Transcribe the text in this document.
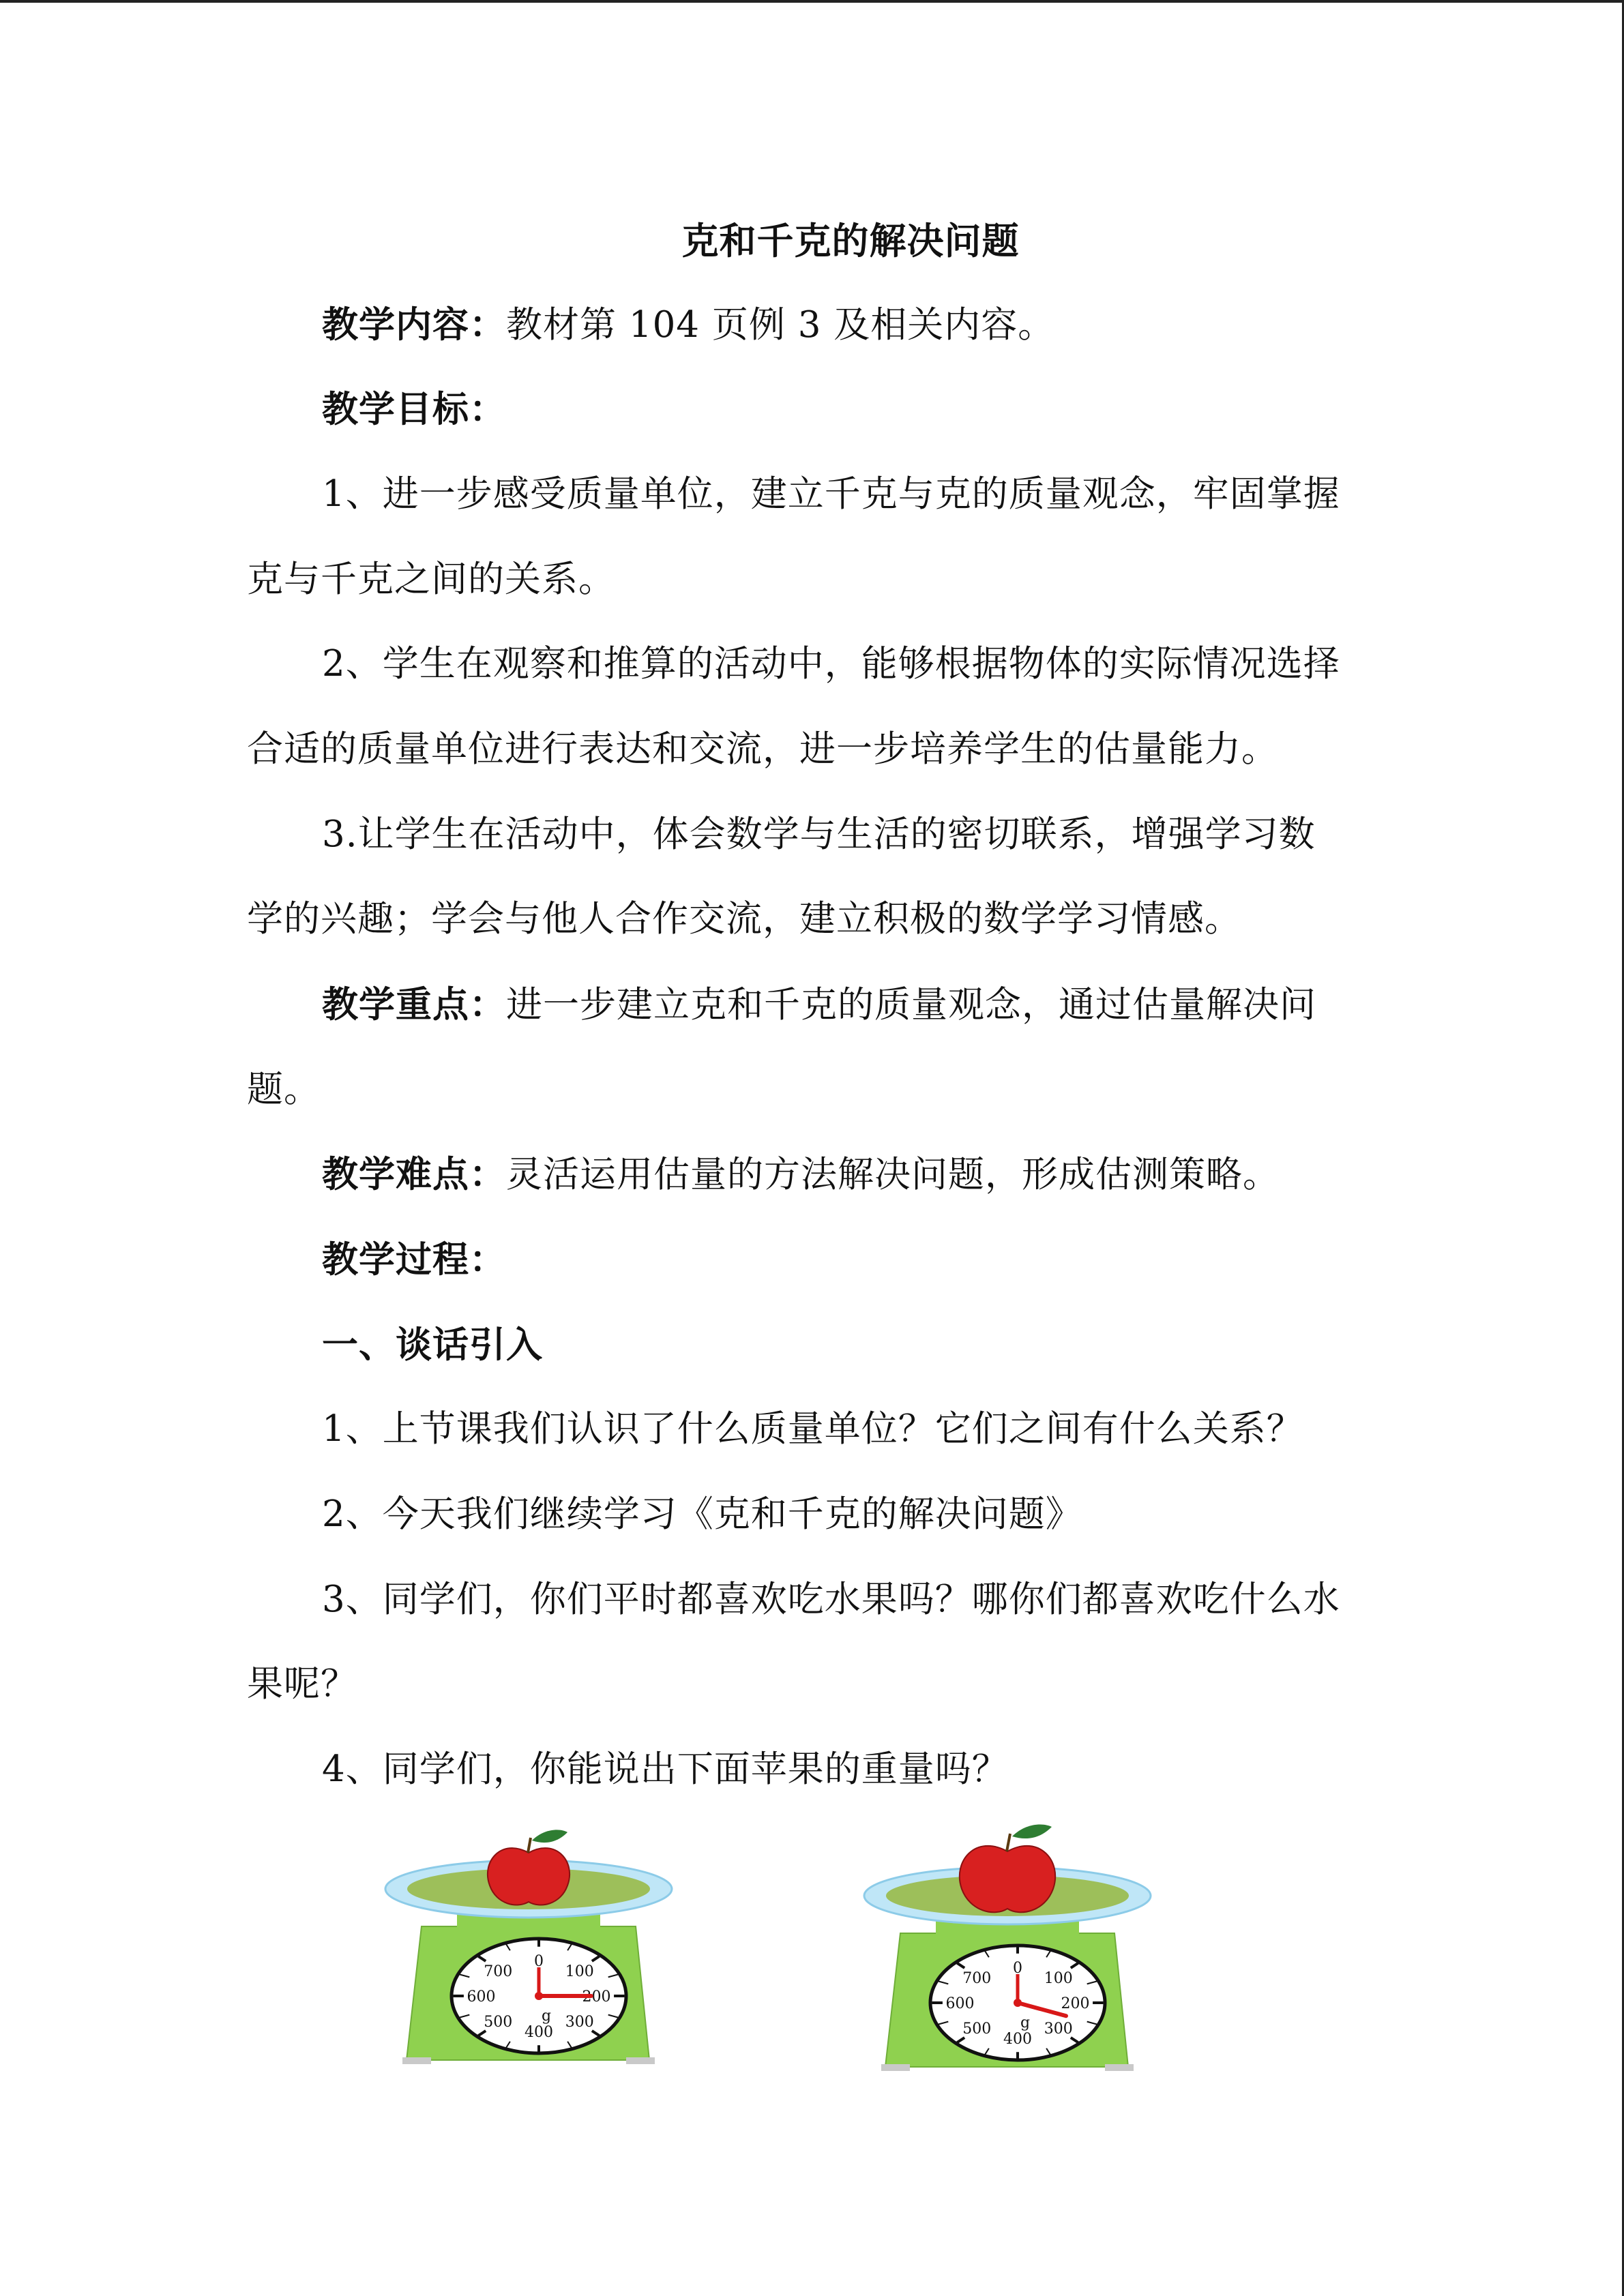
克和千克的解决问题
教学内容：教材第 104 页例 3 及相关内容。
教学目标：
1、进一步感受质量单位，建立千克与克的质量观念，牢固掌握
克与千克之间的关系。
2、学生在观察和推算的活动中，能够根据物体的实际情况选择
合适的质量单位进行表达和交流，进一步培养学生的估量能力。
3.让学生在活动中，体会数学与生活的密切联系，增强学习数
学的兴趣；学会与他人合作交流，建立积极的数学学习情感。
教学重点：进一步建立克和千克的质量观念，通过估量解决问
题。
教学难点：灵活运用估量的方法解决问题，形成估测策略。
教学过程：
一、谈话引入
1、上节课我们认识了什么质量单位？它们之间有什么关系？
2、今天我们继续学习《克和千克的解决问题》
3、同学们，你们平时都喜欢吃水果吗？哪你们都喜欢吃什么水
果呢？
4、同学们，你能说出下面苹果的重量吗？
0
100
200
300
400
500
600
700
g
0
100
200
300
400
500
600
700
g
